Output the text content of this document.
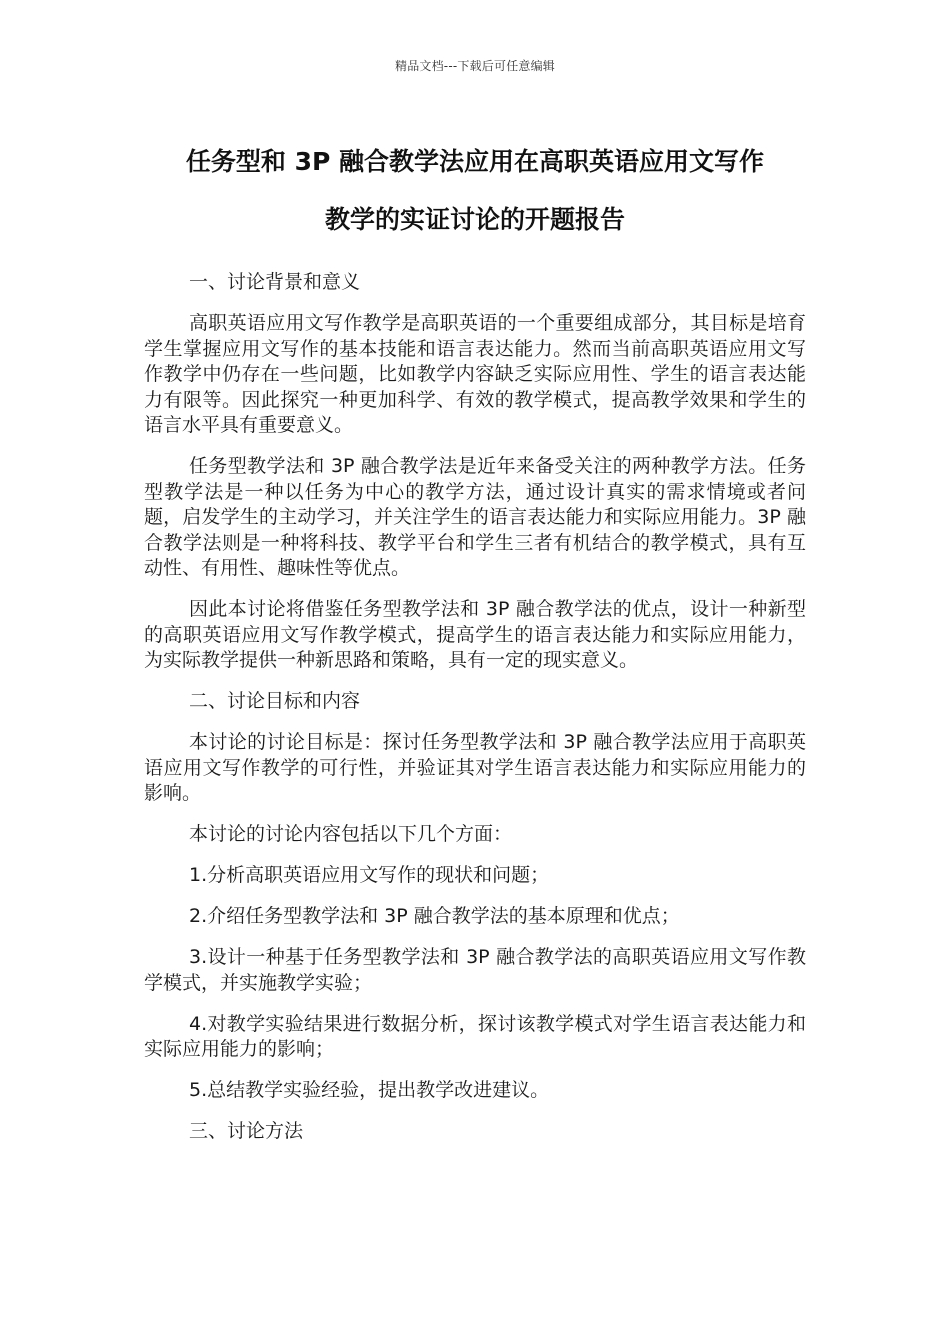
精品文档---下载后可任意编辑
任务型和 3P 融合教学法应用在高职英语应用文写作
教学的实证讨论的开题报告

一、讨论背景和意义

高职英语应用文写作教学是高职英语的一个重要组成部分，其目标是培育学生掌握应用文写作的基本技能和语言表达能力。然而当前高职英语应用文写作教学中仍存在一些问题，比如教学内容缺乏实际应用性、学生的语言表达能力有限等。因此探究一种更加科学、有效的教学模式，提高教学效果和学生的语言水平具有重要意义。

任务型教学法和 3P 融合教学法是近年来备受关注的两种教学方法。任务型教学法是一种以任务为中心的教学方法，通过设计真实的需求情境或者问题，启发学生的主动学习，并关注学生的语言表达能力和实际应用能力。3P 融合教学法则是一种将科技、教学平台和学生三者有机结合的教学模式，具有互动性、有用性、趣味性等优点。

因此本讨论将借鉴任务型教学法和 3P 融合教学法的优点，设计一种新型的高职英语应用文写作教学模式，提高学生的语言表达能力和实际应用能力，为实际教学提供一种新思路和策略，具有一定的现实意义。

二、讨论目标和内容

本讨论的讨论目标是：探讨任务型教学法和 3P 融合教学法应用于高职英语应用文写作教学的可行性，并验证其对学生语言表达能力和实际应用能力的影响。

本讨论的讨论内容包括以下几个方面：

1.分析高职英语应用文写作的现状和问题；

2.介绍任务型教学法和 3P 融合教学法的基本原理和优点；

3.设计一种基于任务型教学法和 3P 融合教学法的高职英语应用文写作教学模式，并实施教学实验；

4.对教学实验结果进行数据分析，探讨该教学模式对学生语言表达能力和实际应用能力的影响；

5.总结教学实验经验，提出教学改进建议。

三、讨论方法
